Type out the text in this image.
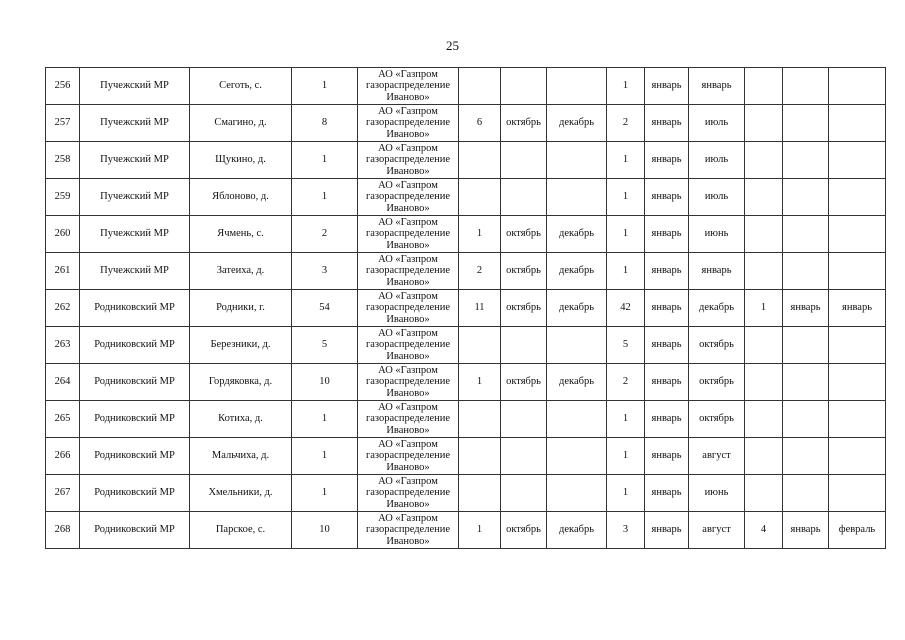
25
256	Пучежский МР	Сеготь, с.	1	АО «Газпром
газораспределение
Иваново»				1	январь	январь			
257	Пучежский МР	Смагино, д.	8	АО «Газпром
газораспределение
Иваново»	6	октябрь	декабрь	2	январь	июль			
258	Пучежский МР	Щукино, д.	1	АО «Газпром
газораспределение
Иваново»				1	январь	июль			
259	Пучежский МР	Яблоново, д.	1	АО «Газпром
газораспределение
Иваново»				1	январь	июль			
260	Пучежский МР	Ячмень, с.	2	АО «Газпром
газораспределение
Иваново»	1	октябрь	декабрь	1	январь	июнь			
261	Пучежский МР	Затеиха, д.	3	АО «Газпром
газораспределение
Иваново»	2	октябрь	декабрь	1	январь	январь			
262	Родниковский МР	Родники, г.	54	АО «Газпром
газораспределение
Иваново»	11	октябрь	декабрь	42	январь	декабрь	1	январь	январь
263	Родниковский МР	Березники, д.	5	АО «Газпром
газораспределение
Иваново»				5	январь	октябрь			
264	Родниковский МР	Гордяковка, д.	10	АО «Газпром
газораспределение
Иваново»	1	октябрь	декабрь	2	январь	октябрь			
265	Родниковский МР	Котиха, д.	1	АО «Газпром
газораспределение
Иваново»				1	январь	октябрь			
266	Родниковский МР	Мальчиха, д.	1	АО «Газпром
газораспределение
Иваново»				1	январь	август			
267	Родниковский МР	Хмельники, д.	1	АО «Газпром
газораспределение
Иваново»				1	январь	июнь			
268	Родниковский МР	Парское, с.	10	АО «Газпром
газораспределение
Иваново»	1	октябрь	декабрь	3	январь	август	4	январь	февраль
